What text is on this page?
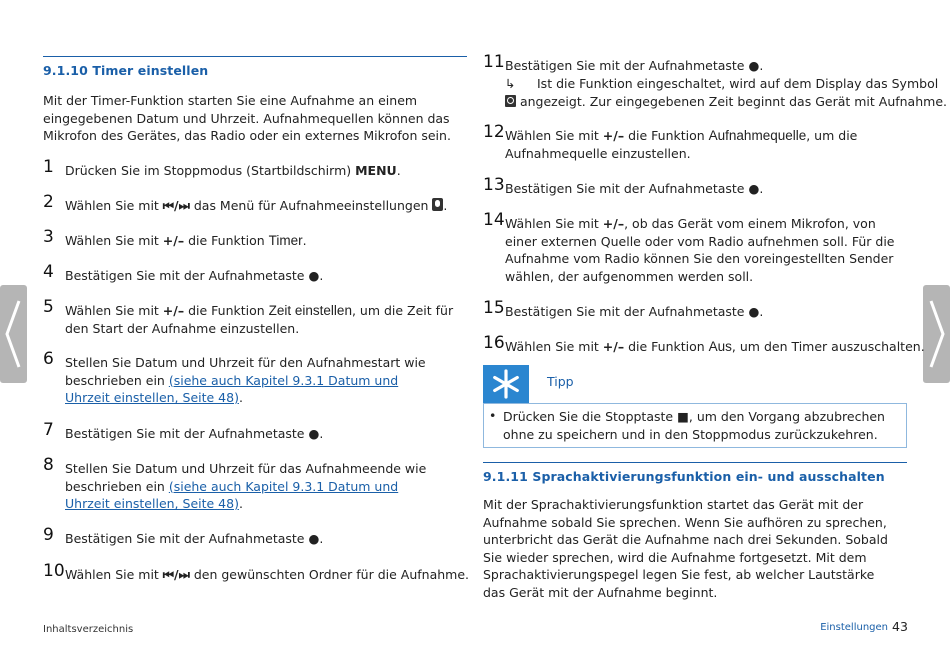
9.1.10 Timer einstellen
Mit der Timer-Funktion starten Sie eine Aufnahme an einem eingegebenen Datum und Uhrzeit. Aufnahmequellen können das Mikrofon des Gerätes, das Radio oder ein externes Mikrofon sein.
1 Drücken Sie im Stoppmodus (Startbildschirm) MENU.
2 Wählen Sie mit ⏮/⏭ das Menü für Aufnahmeeinstellungen .
3 Wählen Sie mit +/– die Funktion Timer.
4 Bestätigen Sie mit der Aufnahmetaste ●.
5 Wählen Sie mit +/– die Funktion Zeit einstellen, um die Zeit für den Start der Aufnahme einzustellen.
6 Stellen Sie Datum und Uhrzeit für den Aufnahmestart wie beschrieben ein (siehe auch Kapitel 9.3.1 Datum und Uhrzeit einstellen, Seite 48).
7 Bestätigen Sie mit der Aufnahmetaste ●.
8 Stellen Sie Datum und Uhrzeit für das Aufnahmeende wie beschrieben ein (siehe auch Kapitel 9.3.1 Datum und Uhrzeit einstellen, Seite 48).
9 Bestätigen Sie mit der Aufnahmetaste ●.
10 Wählen Sie mit ⏮/⏭ den gewünschten Ordner für die Aufnahme.
11 Bestätigen Sie mit der Aufnahmetaste ●.
↳ Ist die Funktion eingeschaltet, wird auf dem Display das Symbol
angezeigt. Zur eingegebenen Zeit beginnt das Gerät mit Aufnahme.
12 Wählen Sie mit +/– die Funktion Aufnahmequelle, um die Aufnahmequelle einzustellen.
13 Bestätigen Sie mit der Aufnahmetaste ●.
14 Wählen Sie mit +/–, ob das Gerät vom einem Mikrofon, von einer externen Quelle oder vom Radio aufnehmen soll. Für die Aufnahme vom Radio können Sie den voreingestellten Sender wählen, der aufgenommen werden soll.
15 Bestätigen Sie mit der Aufnahmetaste ●.
16 Wählen Sie mit +/– die Funktion Aus, um den Timer auszuschalten.
Tipp
• Drücken Sie die Stopptaste ■, um den Vorgang abzubrechen ohne zu speichern und in den Stoppmodus zurückzukehren.
9.1.11 Sprachaktivierungsfunktion ein- und ausschalten
Mit der Sprachaktivierungsfunktion startet das Gerät mit der Aufnahme sobald Sie sprechen. Wenn Sie aufhören zu sprechen, unterbricht das Gerät die Aufnahme nach drei Sekunden. Sobald Sie wieder sprechen, wird die Aufnahme fortgesetzt. Mit dem Sprachaktivierungspegel legen Sie fest, ab welcher Lautstärke das Gerät mit der Aufnahme beginnt.
Inhaltsverzeichnis	Einstellungen 43
